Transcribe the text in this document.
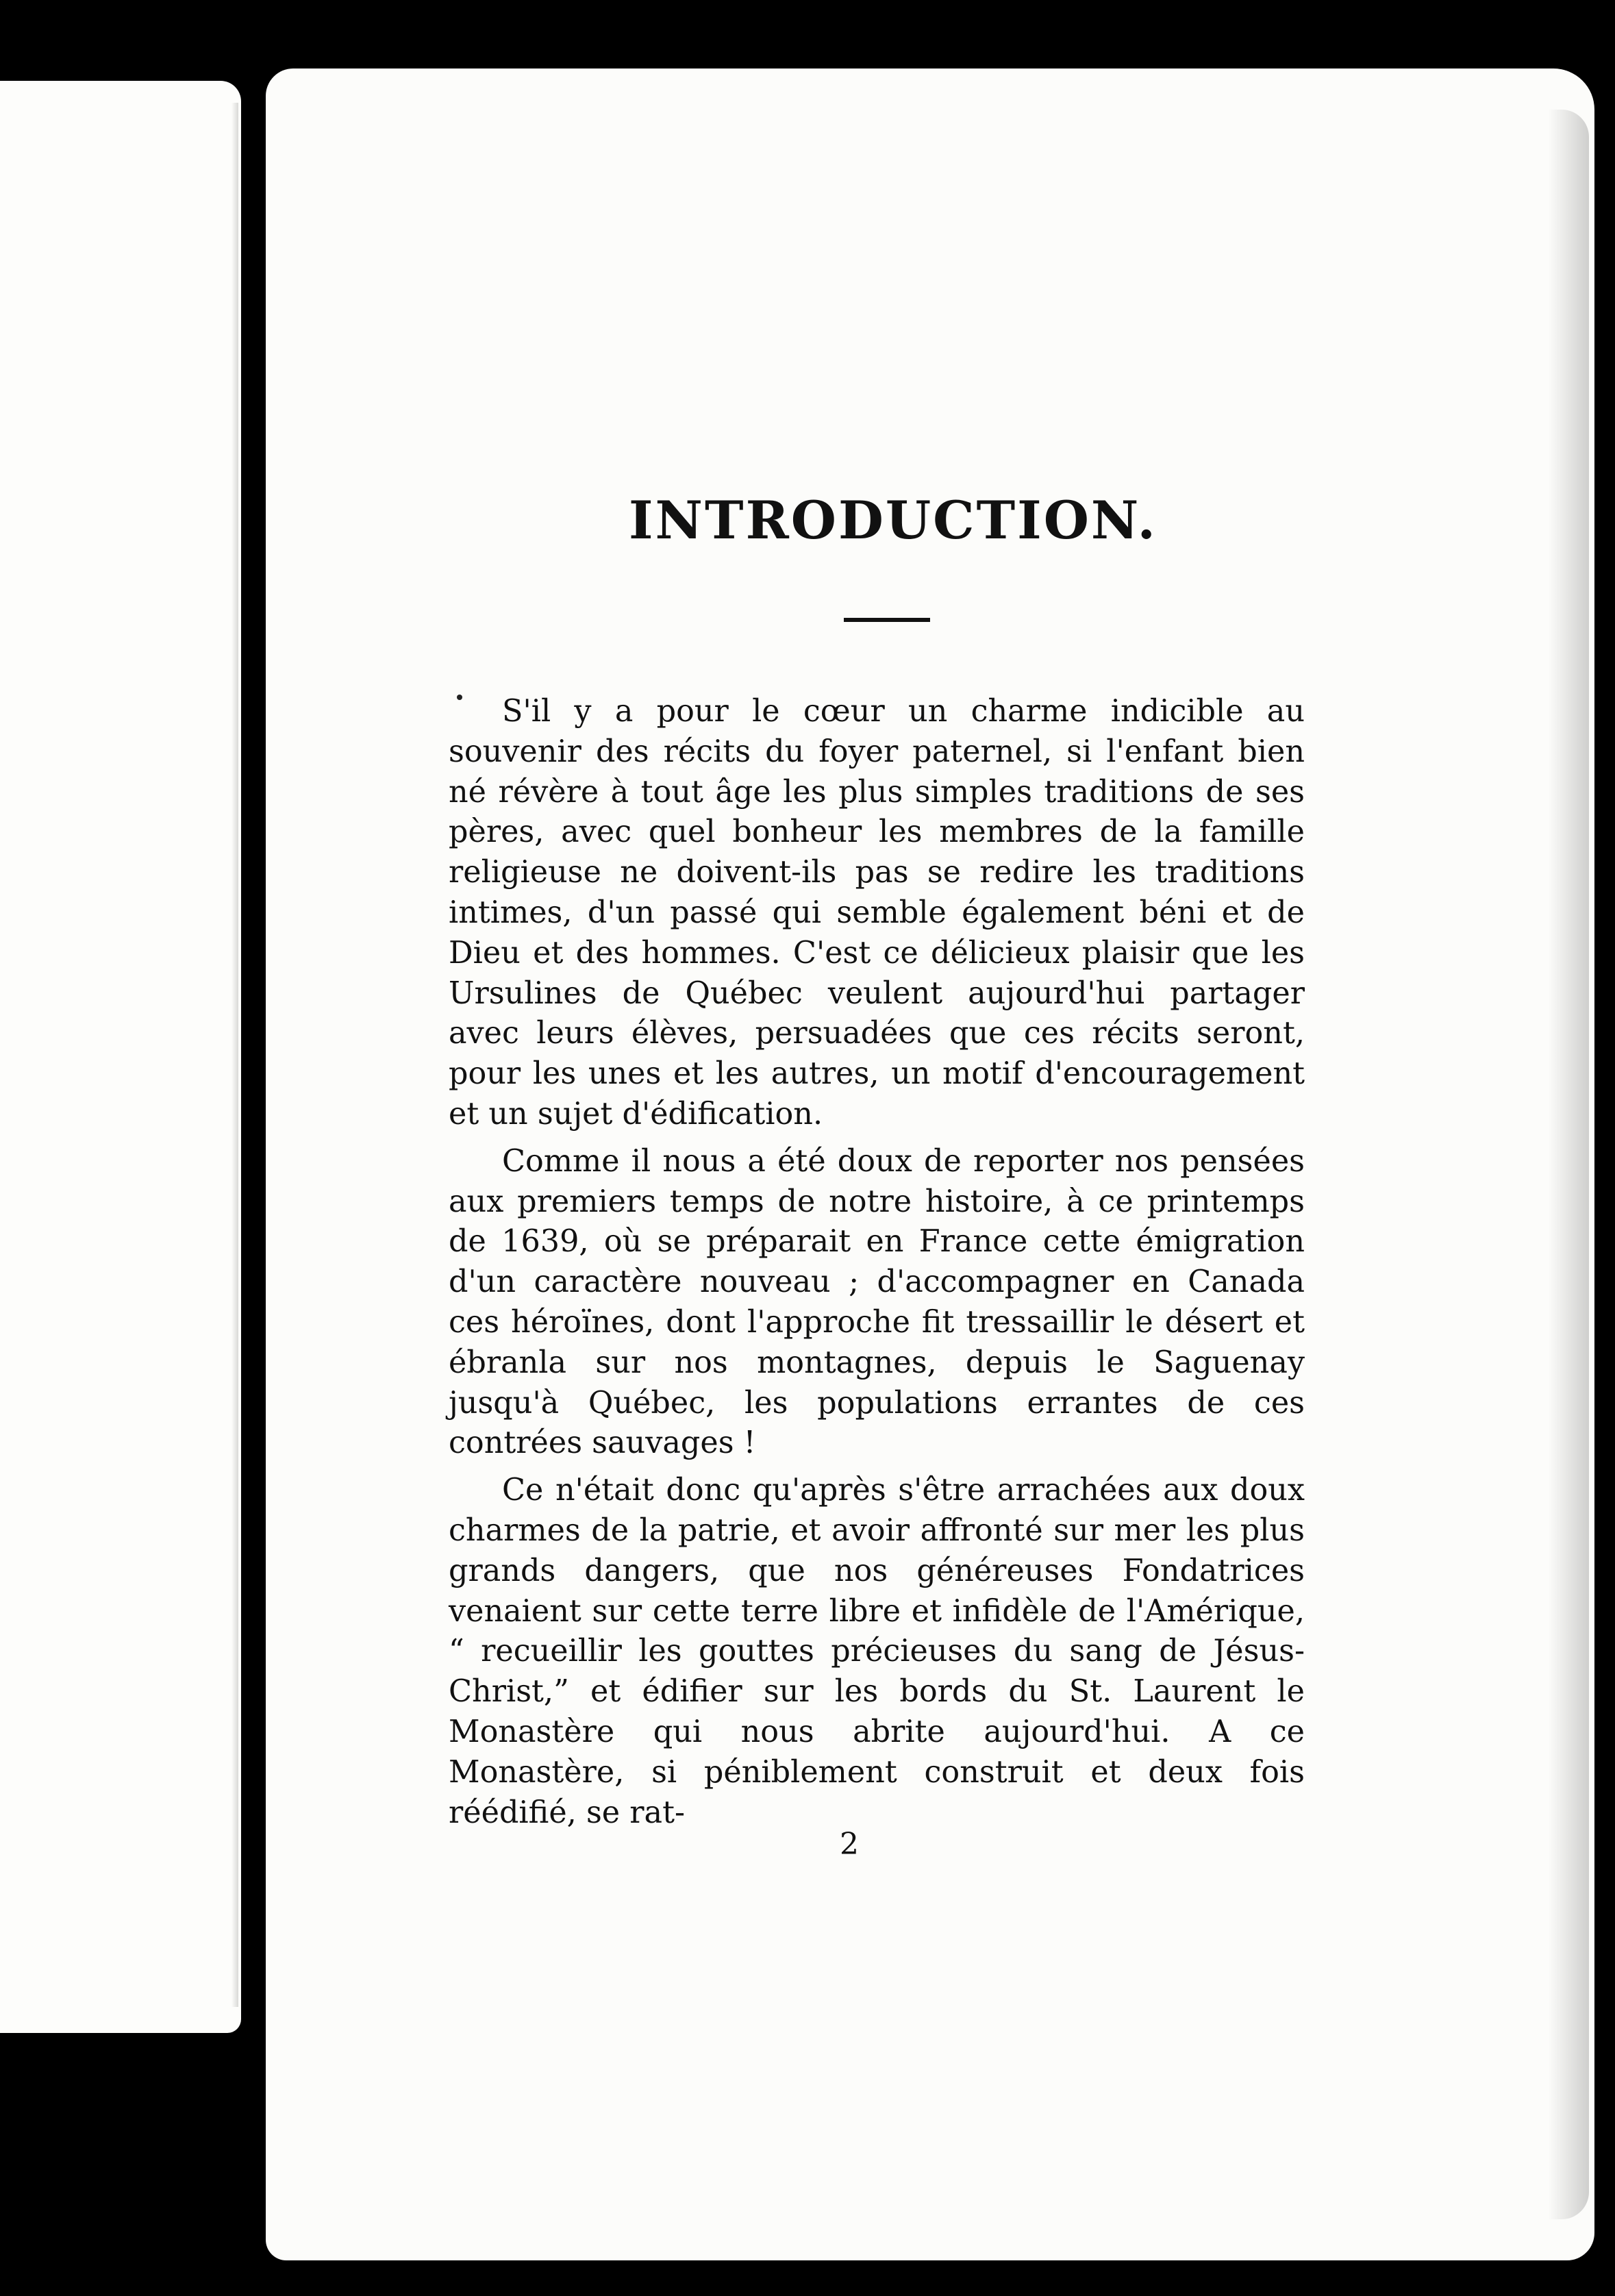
INTRODUCTION.

S'il y a pour le cœur un charme indicible au souvenir des récits du foyer paternel, si l'enfant bien né révère à tout âge les plus simples traditions de ses pères, avec quel bonheur les membres de la famille religieuse ne doivent-ils pas se redire les traditions intimes, d'un passé qui semble également béni et de Dieu et des hommes. C'est ce délicieux plaisir que les Ursulines de Québec veulent aujourd'hui partager avec leurs élèves, persuadées que ces récits seront, pour les unes et les autres, un motif d'encouragement et un sujet d'édification.

Comme il nous a été doux de reporter nos pensées aux premiers temps de notre histoire, à ce printemps de 1639, où se préparait en France cette émigration d'un caractère nouveau ; d'accompagner en Canada ces héroïnes, dont l'approche fit tressaillir le désert et ébranla sur nos montagnes, depuis le Saguenay jusqu'à Québec, les populations errantes de ces contrées sauvages !

Ce n'était donc qu'après s'être arrachées aux doux charmes de la patrie, et avoir affronté sur mer les plus grands dangers, que nos généreuses Fondatrices venaient sur cette terre libre et infidèle de l'Amérique, “ recueillir les gouttes précieuses du sang de Jésus-Christ,” et édifier sur les bords du St. Laurent le Monastère qui nous abrite aujourd'hui. A ce Monastère, si péniblement construit et deux fois réédifié, se rat-

2
